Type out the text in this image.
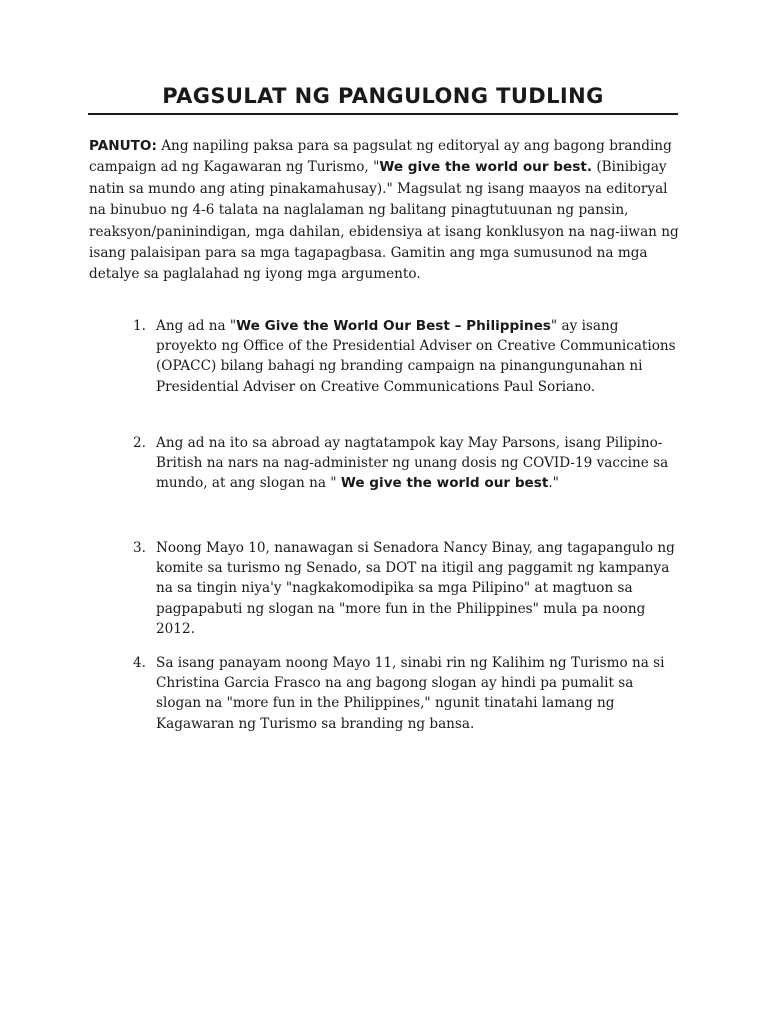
PAGSULAT NG PANGULONG TUDLING

PANUTO: Ang napiling paksa para sa pagsulat ng editoryal ay ang bagong branding campaign ad ng Kagawaran ng Turismo, "We give the world our best. (Binibigay natin sa mundo ang ating pinakamahusay)." Magsulat ng isang maayos na editoryal na binubuo ng 4-6 talata na naglalaman ng balitang pinagtutuunan ng pansin, reaksyon/paninindigan, mga dahilan, ebidensiya at isang konklusyon na nag-iiwan ng isang palaisipan para sa mga tagapagbasa. Gamitin ang mga sumusunod na mga detalye sa paglalahad ng iyong mga argumento.

1. Ang ad na "We Give the World Our Best – Philippines" ay isang proyekto ng Office of the Presidential Adviser on Creative Communications (OPACC) bilang bahagi ng branding campaign na pinangungunahan ni Presidential Adviser on Creative Communications Paul Soriano.
2. Ang ad na ito sa abroad ay nagtatampok kay May Parsons, isang Pilipino-British na nars na nag-administer ng unang dosis ng COVID-19 vaccine sa mundo, at ang slogan na " We give the world our best."
3. Noong Mayo 10, nanawagan si Senadora Nancy Binay, ang tagapangulo ng komite sa turismo ng Senado, sa DOT na itigil ang paggamit ng kampanya na sa tingin niya'y "nagkakomodipika sa mga Pilipino" at magtuon sa pagpapabuti ng slogan na "more fun in the Philippines" mula pa noong 2012.
4. Sa isang panayam noong Mayo 11, sinabi rin ng Kalihim ng Turismo na si Christina Garcia Frasco na ang bagong slogan ay hindi pa pumalit sa slogan na "more fun in the Philippines," ngunit tinatahi lamang ng Kagawaran ng Turismo sa branding ng bansa.
